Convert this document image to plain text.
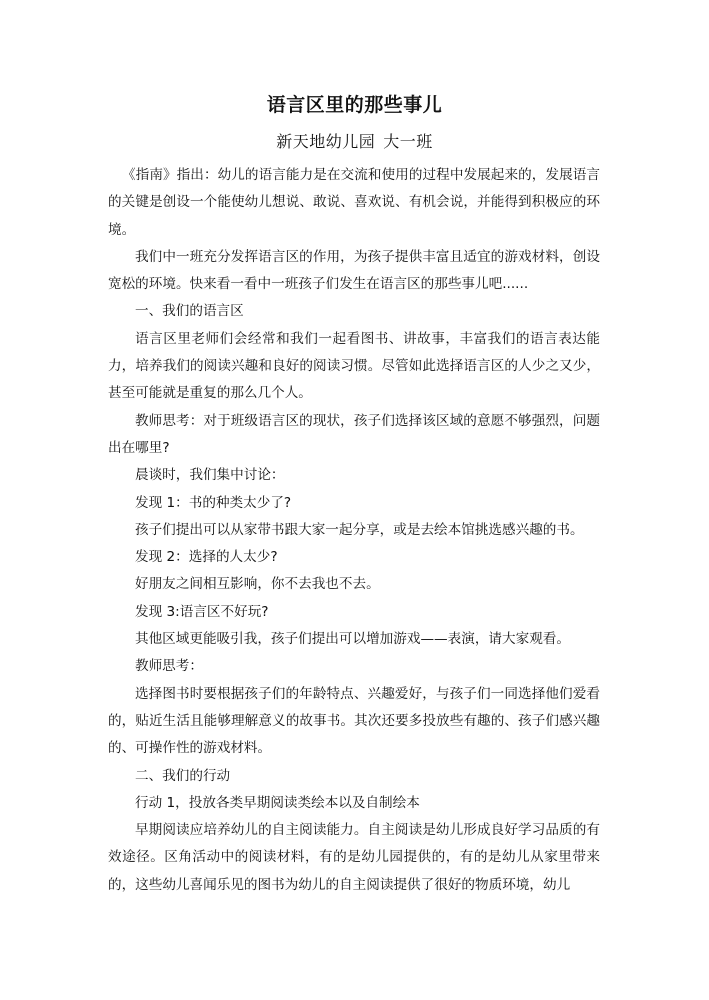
语言区里的那些事儿
新天地幼儿园 大一班

《指南》指出：幼儿的语言能力是在交流和使用的过程中发展起来的，发展语言的关键是创设一个能使幼儿想说、敢说、喜欢说、有机会说，并能得到积极应的环境。

我们中一班充分发挥语言区的作用，为孩子提供丰富且适宜的游戏材料，创设宽松的环境。快来看一看中一班孩子们发生在语言区的那些事儿吧......

一、我们的语言区

语言区里老师们会经常和我们一起看图书、讲故事，丰富我们的语言表达能力，培养我们的阅读兴趣和良好的阅读习惯。尽管如此选择语言区的人少之又少，甚至可能就是重复的那么几个人。

教师思考：对于班级语言区的现状，孩子们选择该区域的意愿不够强烈，问题出在哪里?

晨谈时，我们集中讨论：

发现 1：书的种类太少了?

孩子们提出可以从家带书跟大家一起分享，或是去绘本馆挑选感兴趣的书。

发现 2：选择的人太少?

好朋友之间相互影响，你不去我也不去。

发现 3:语言区不好玩?

其他区域更能吸引我，孩子们提出可以增加游戏——表演，请大家观看。

教师思考：

选择图书时要根据孩子们的年龄特点、兴趣爱好，与孩子们一同选择他们爱看的，贴近生活且能够理解意义的故事书。其次还要多投放些有趣的、孩子们感兴趣的、可操作性的游戏材料。

二、我们的行动

行动 1，投放各类早期阅读类绘本以及自制绘本

早期阅读应培养幼儿的自主阅读能力。自主阅读是幼儿形成良好学习品质的有效途径。区角活动中的阅读材料，有的是幼儿园提供的，有的是幼儿从家里带来的，这些幼儿喜闻乐见的图书为幼儿的自主阅读提供了很好的物质环境，幼儿
